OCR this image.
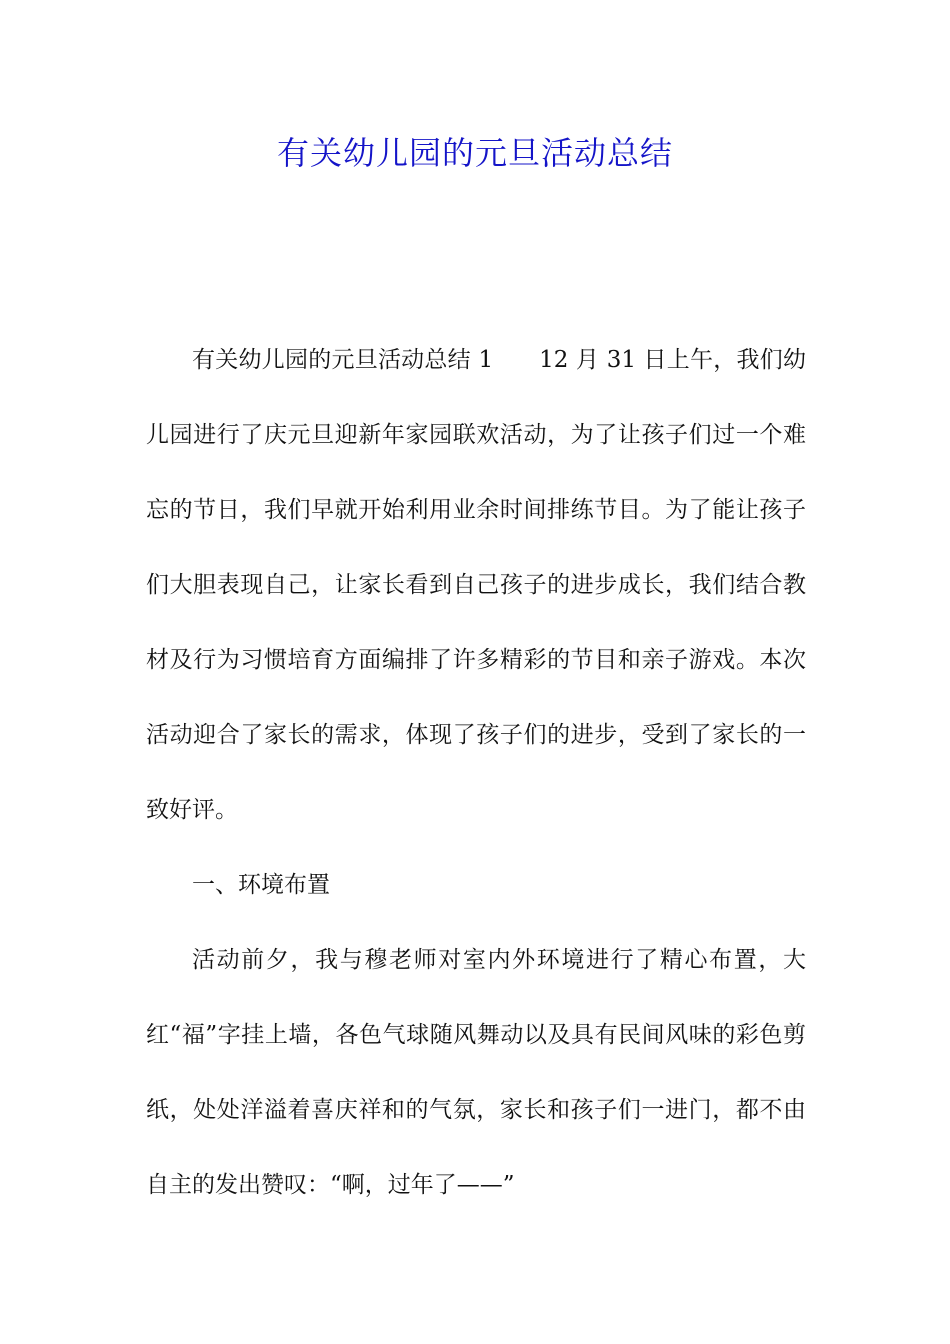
有关幼儿园的元旦活动总结

有关幼儿园的元旦活动总结 1 12 月 31 日上午，我们幼儿园进行了庆元旦迎新年家园联欢活动，为了让孩子们过一个难忘的节日，我们早就开始利用业余时间排练节目。为了能让孩子们大胆表现自己，让家长看到自己孩子的进步成长，我们结合教材及行为习惯培育方面编排了许多精彩的节目和亲子游戏。本次活动迎合了家长的需求，体现了孩子们的进步，受到了家长的一致好评。

一、环境布置

活动前夕，我与穆老师对室内外环境进行了精心布置，大红“福”字挂上墙，各色气球随风舞动以及具有民间风味的彩色剪纸，处处洋溢着喜庆祥和的气氛，家长和孩子们一进门，都不由自主的发出赞叹：“啊，过年了——”
